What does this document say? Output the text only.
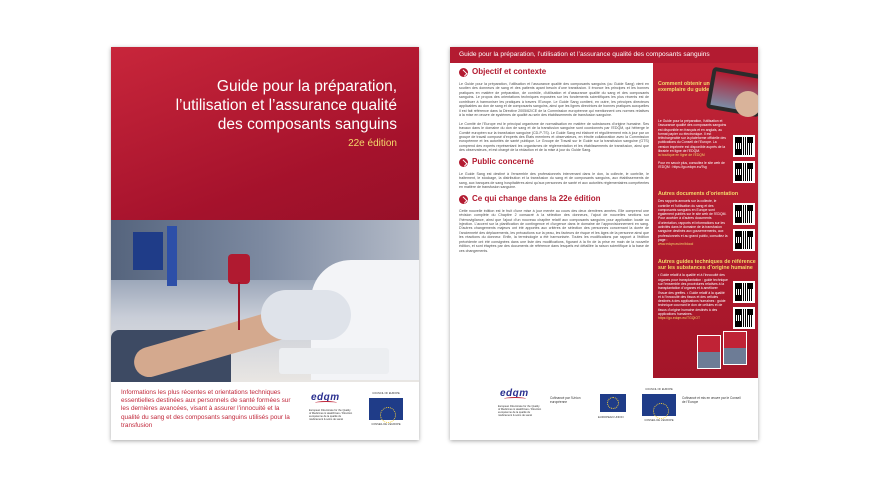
Guide pour la préparation,
l’utilisation et l’assurance qualité
des composants sanguins
22e édition
Informations les plus récentes et orientations techniques essentielles destinées aux personnels de santé formées sur les dernières avancées, visant à assurer l’innocuité et la qualité du sang et des composants sanguins utilisés pour la transfusion
edqm
European Directorate for the Quality of Medicines & HealthCare / Direction européenne de la qualité du médicament & soins de santé
COUNCIL OF EUROPE
CONSEIL DE L’EUROPE
Guide pour la préparation, l’utilisation et l’assurance qualité des composants sanguins
Objectif et contexte

Le Guide pour la préparation, l’utilisation et l’assurance qualité des composants sanguins (ou Guide Sang) vient en soutien des donneurs de sang et des patients ayant besoin d’une transfusion. Il énonce les principes et les bonnes pratiques en matière de préparation, de contrôle, d’utilisation et d’assurance qualité du sang et des composants sanguins. Le propos des orientations techniques exposées sur les fondements scientifiques les plus récents est de contribuer à harmoniser les pratiques à travers l’Europe. Le Guide Sang contient, en outre, les principes directeurs applicables au don de sang et de composants sanguins, ainsi que les lignes directrices de bonnes pratiques auxquelles il est fait référence dans la Directive 2005/62/CE de la Commission européenne qui mentionnent ces normes relatives à la mise en œuvre de systèmes de qualité au sein des établissements de transfusion sanguine.

Le Comité de l’Europe est le principal organisme de normalisation en matière de substances d’origine humaine. Ses travaux dans le domaine du don de sang et de la transfusion sanguine sont coordonnés par l’EDQM, qui héberge le Comité européen sur la transfusion sanguine (CD-P-TS). Le Guide Sang est élaboré et régulièrement mis à jour par un groupe de travail composé d’experts des États membres et observateurs, en étroite collaboration avec la Commission européenne et les autorités de santé publique. Le Groupe de Travail sur le Guide sur la transfusion sanguine (GTS) comprend des experts représentant les organismes de réglementation et les établissements de transfusion, ainsi que des observateurs, et est chargé de la rédaction et de la mise à jour du Guide Sang.

Public concerné

Le Guide Sang est destiné à l’ensemble des professionnels intervenant dans le don, la collecte, le contrôle, le traitement, le stockage, la distribution et la transfusion du sang et de composants sanguins, aux établissements de sang, aux banques de sang hospitalières ainsi qu’aux personnes de santé et aux autorités réglementaires compétentes en matière de transfusion sanguine.

Ce qui change dans la 22e édition

Cette nouvelle édition est le fruit d’une mise à jour menée au cours des deux dernières années. Elle comprend une révision complète du Chapitre 2 consacré à la sélection des donneurs, l’ajout de nouvelles sections sur l’hémovigilance, ainsi que l’ajout d’un nouveau chapitre relatif aux composants sanguins pour application locale ou injection. L’accent sur la planification de contingence et d’urgence dans le domaine de l’approvisionnement en sang. D’autres changements majeurs ont été apportés aux critères de sélection des personnes concernant la durée de l’ancienneté des déplacements, les précautions sur la peau, les facteurs de risque et les âges de la personne ainsi que les réactions du donneur. Enfin, la terminologie a été harmonisée. Toutes les modifications par rapport à l’édition précédente ont été consignées dans une liste des modifications, figurant à la fin de la prise en main de la nouvelle édition, et sont étayées par des documents de référence dans lesquels est détaillée la raison scientifique à la base de ces changements.

Comment obtenir un exemplaire du guide
Le Guide pour la préparation, l’utilisation et l’assurance qualité des composants sanguins est disponible en français et en anglais, au format papier ou électronique. Il est téléchargeable sur la plateforme officielle des publications du Conseil de l’Europe. La version imprimée est disponible auprès de la librairie en ligne de l’EDQM.
la boutique en ligne de l’EDQM
Pour en savoir plus, consultez le site web de l’EDQM : https://go.edqm.eu/Tsg
Autres documents d’orientation
Des rapports annuels sur la collecte, le contrôle et l’utilisation du sang et des composants sanguins en Europe sont également publiés sur le site web de l’EDQM. Pour accéder à d’autres documents d’orientation, rapports et informations sur les activités dans le domaine de la transfusion sanguine destinés aux gouvernements, aux professionnels et au grand public, consultez la page :
www.edqm.eu/en/blood
Autres guides techniques de référence sur les substances d’origine humaine
• Guide relatif à la qualité et à l’innocuité des organes pour transplantation : guide technique sur l’ensemble des procédures relatives à la transplantation d’organes et à améliorer l’issue des greffes. • Guide relatif à la qualité et à l’innocuité des tissus et des cellules destinés à des applications humaines : guide technique couvrant le don de cellules et de tissus d’origine humaine destinés à des applications humaines.
https://go.edqm.eu/TGQIOT
edqm
European Directorate for the Quality of Medicines & HealthCare / Direction européenne de la qualité du médicament & soins de santé
Cofinancé par l’Union européenne
EUROPEAN UNION
COUNCIL OF EUROPE
CONSEIL DE L’EUROPE
Cofinancé et mis en œuvre par le Conseil de l’Europe
